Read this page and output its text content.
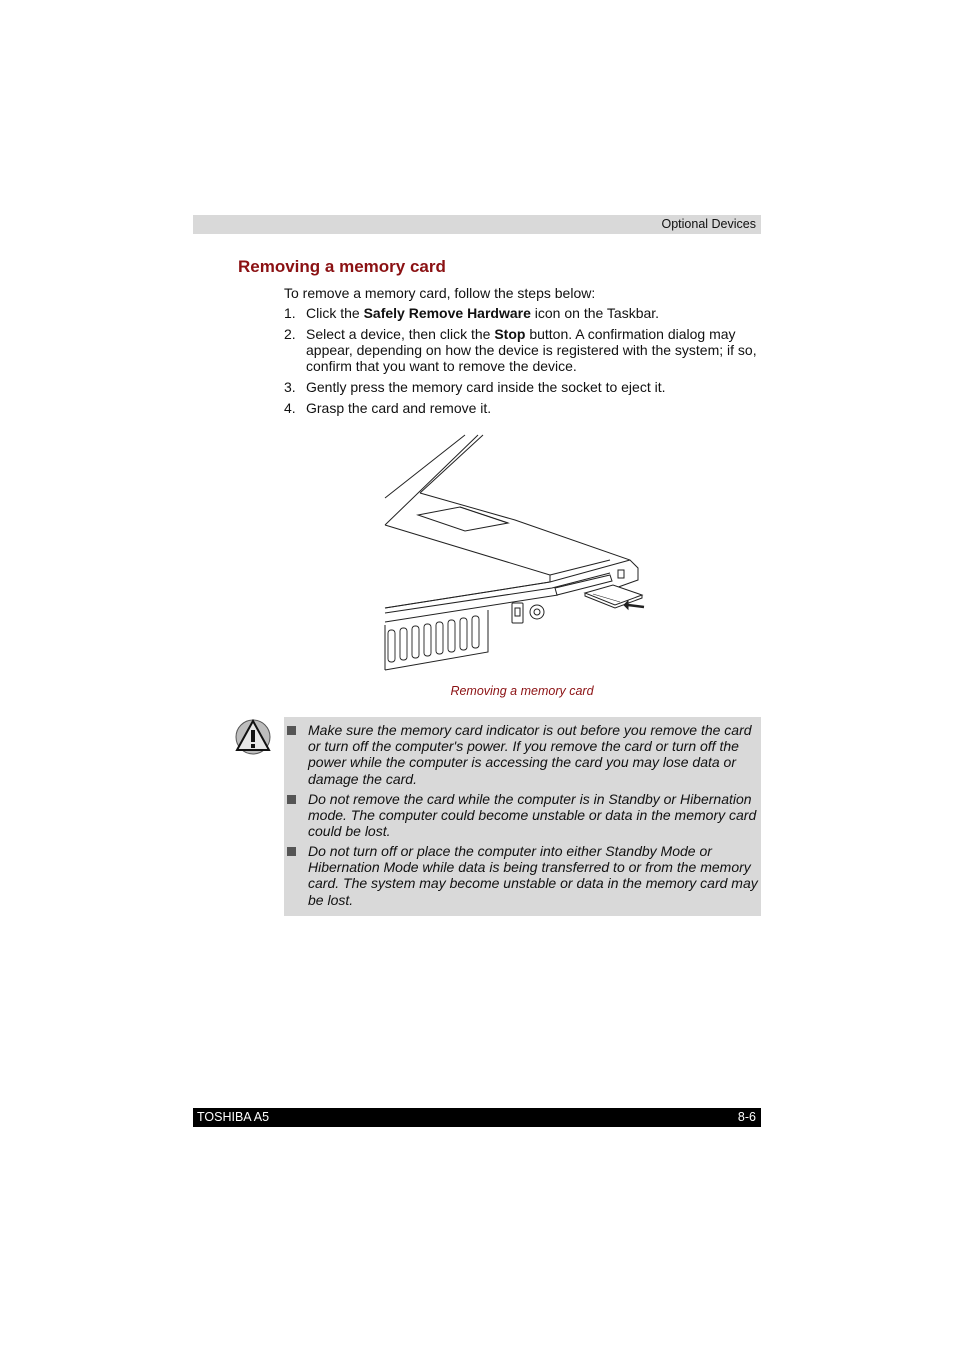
Optional Devices
Removing a memory card
To remove a memory card, follow the steps below:
1. Click the Safely Remove Hardware icon on the Taskbar.
2. Select a device, then click the Stop button. A confirmation dialog may appear, depending on how the device is registered with the system; if so, confirm that you want to remove the device.
3. Gently press the memory card inside the socket to eject it.
4. Grasp the card and remove it.
Removing a memory card
Make sure the memory card indicator is out before you remove the card or turn off the computer's power. If you remove the card or turn off the power while the computer is accessing the card you may lose data or damage the card.
Do not remove the card while the computer is in Standby or Hibernation mode. The computer could become unstable or data in the memory card could be lost.
Do not turn off or place the computer into either Standby Mode or Hibernation Mode while data is being transferred to or from the memory card. The system may become unstable or data in the memory card may be lost.
TOSHIBA A5	8-6
